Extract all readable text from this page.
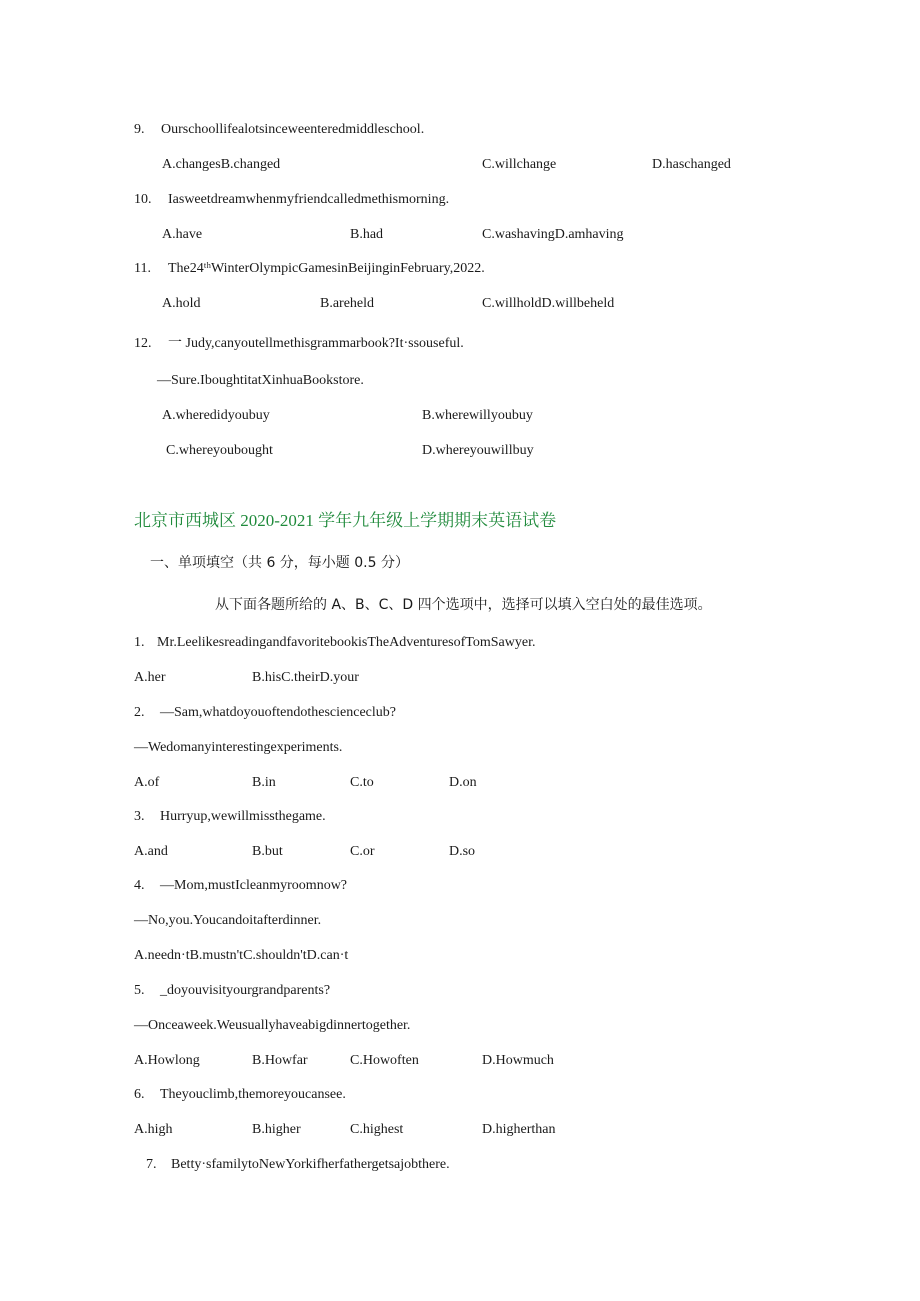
9. Ourschoollifealotsinceweenteredmiddleschool.
A.changesB.changed	C.willchange	D.haschanged
10. Iasweetdreamwhenmyfriendcalledmethismorning.
A.have	B.had	C.washavingD.amhaving
11. The24ᵗʰWinterOlympicGamesinBeijinginFebruary,2022.
A.hold	B.areheld	C.willholdD.willbeheld
12. 一 Judy,canyoutellmethisgrammarbook?It·ssouseful.
—Sure.IboughtitatXinhuaBookstore.
A.wheredidyoubuy	B.wherewillyoubuy
C.whereyoubought	D.whereyouwillbuy
北京市西城区 2020-2021 学年九年级上学期期末英语试卷
一、单项填空（共 6 分，每小题 0.5 分）
从下面各题所给的 A、B、C、D 四个选项中，选择可以填入空白处的最佳选项。
1. Mr.LeelikesreadingandfavoritebookisTheAdventuresofTomSawyer.
A.her	B.hisC.theirD.your
2. —Sam,whatdoyouoftendothescienceclub?
—Wedomanyinterestingexperiments.
A.of	B.in	C.to	D.on
3. Hurryup,wewillmissthegame.
A.and	B.but	C.or	D.so
4. —Mom,mustIcleanmyroomnow?
—No,you.Youcandoitafterdinner.
A.needn·tB.mustn'tC.shouldn'tD.can·t
5. _doyouvisityourgrandparents?
—Onceaweek.Weusuallyhaveabigdinnertogether.
A.Howlong	B.Howfar	C.Howoften	D.Howmuch
6. Theyouclimb,themoreyoucansee.
A.high	B.higher	C.highest	D.higherthan
7. Betty·sfamilytoNewYorkifherfathergetsajobthere.
